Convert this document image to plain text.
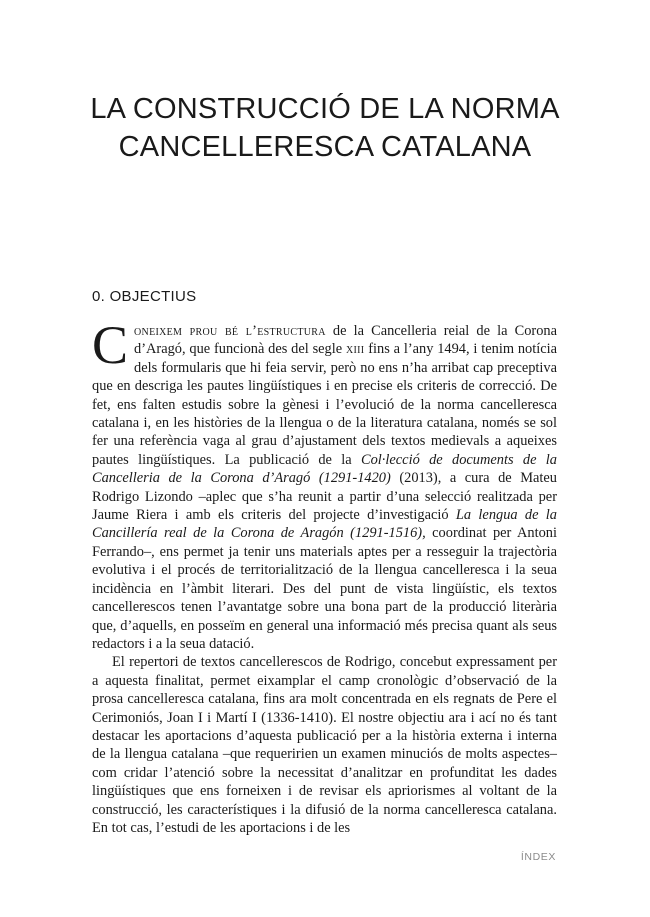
LA CONSTRUCCIÓ DE LA NORMA
CANCELLERESCA CATALANA
0. OBJECTIUS

Coneixem prou bé l’estructura de la Cancelleria reial de la Corona d’Aragó, que funcionà des del segle xiii fins a l’any 1494, i tenim notícia dels formularis que hi feia servir, però no ens n’ha arribat cap preceptiva que en descriga les pautes lingüístiques i en precise els criteris de correcció. De fet, ens falten estudis sobre la gènesi i l’evolució de la norma cancelleresca catalana i, en les històries de la llengua o de la literatura catalana, només se sol fer una referència vaga al grau d’ajustament dels textos medievals a aqueixes pautes lingüístiques. La publicació de la Col·lecció de documents de la Cancelleria de la Corona d’Aragó (1291-1420) (2013), a cura de Mateu Rodrigo Lizondo –aplec que s’ha reunit a partir d’una selecció realitzada per Jaume Riera i amb els criteris del projecte d’investigació La lengua de la Cancillería real de la Corona de Aragón (1291-1516), coordinat per Antoni Ferrando–, ens permet ja tenir uns materials aptes per a resseguir la trajectòria evolutiva i el procés de territorialització de la llengua cancelleresca i la seua incidència en l’àmbit literari. Des del punt de vista lingüístic, els textos cancellerescos tenen l’avantatge sobre una bona part de la producció literària que, d’aquells, en posseïm en general una informació més precisa quant als seus redactors i a la seua datació.

El repertori de textos cancellerescos de Rodrigo, concebut expressament per a aquesta finalitat, permet eixamplar el camp cronològic d’observació de la prosa cancelleresca catalana, fins ara molt concentrada en els regnats de Pere el Cerimoniós, Joan I i Martí I (1336-1410). El nostre objectiu ara i ací no és tant destacar les aportacions d’aquesta publicació per a la història externa i interna de la llengua catalana –que requeririen un examen minuciós de molts aspectes– com cridar l’atenció sobre la necessitat d’analitzar en profunditat les dades lingüístiques que ens forneixen i de revisar els apriorismes al voltant de la construcció, les característiques i la difusió de la norma cancelleresca catalana. En tot cas, l’estudi de les aportacions i de les

ÍNDEX
